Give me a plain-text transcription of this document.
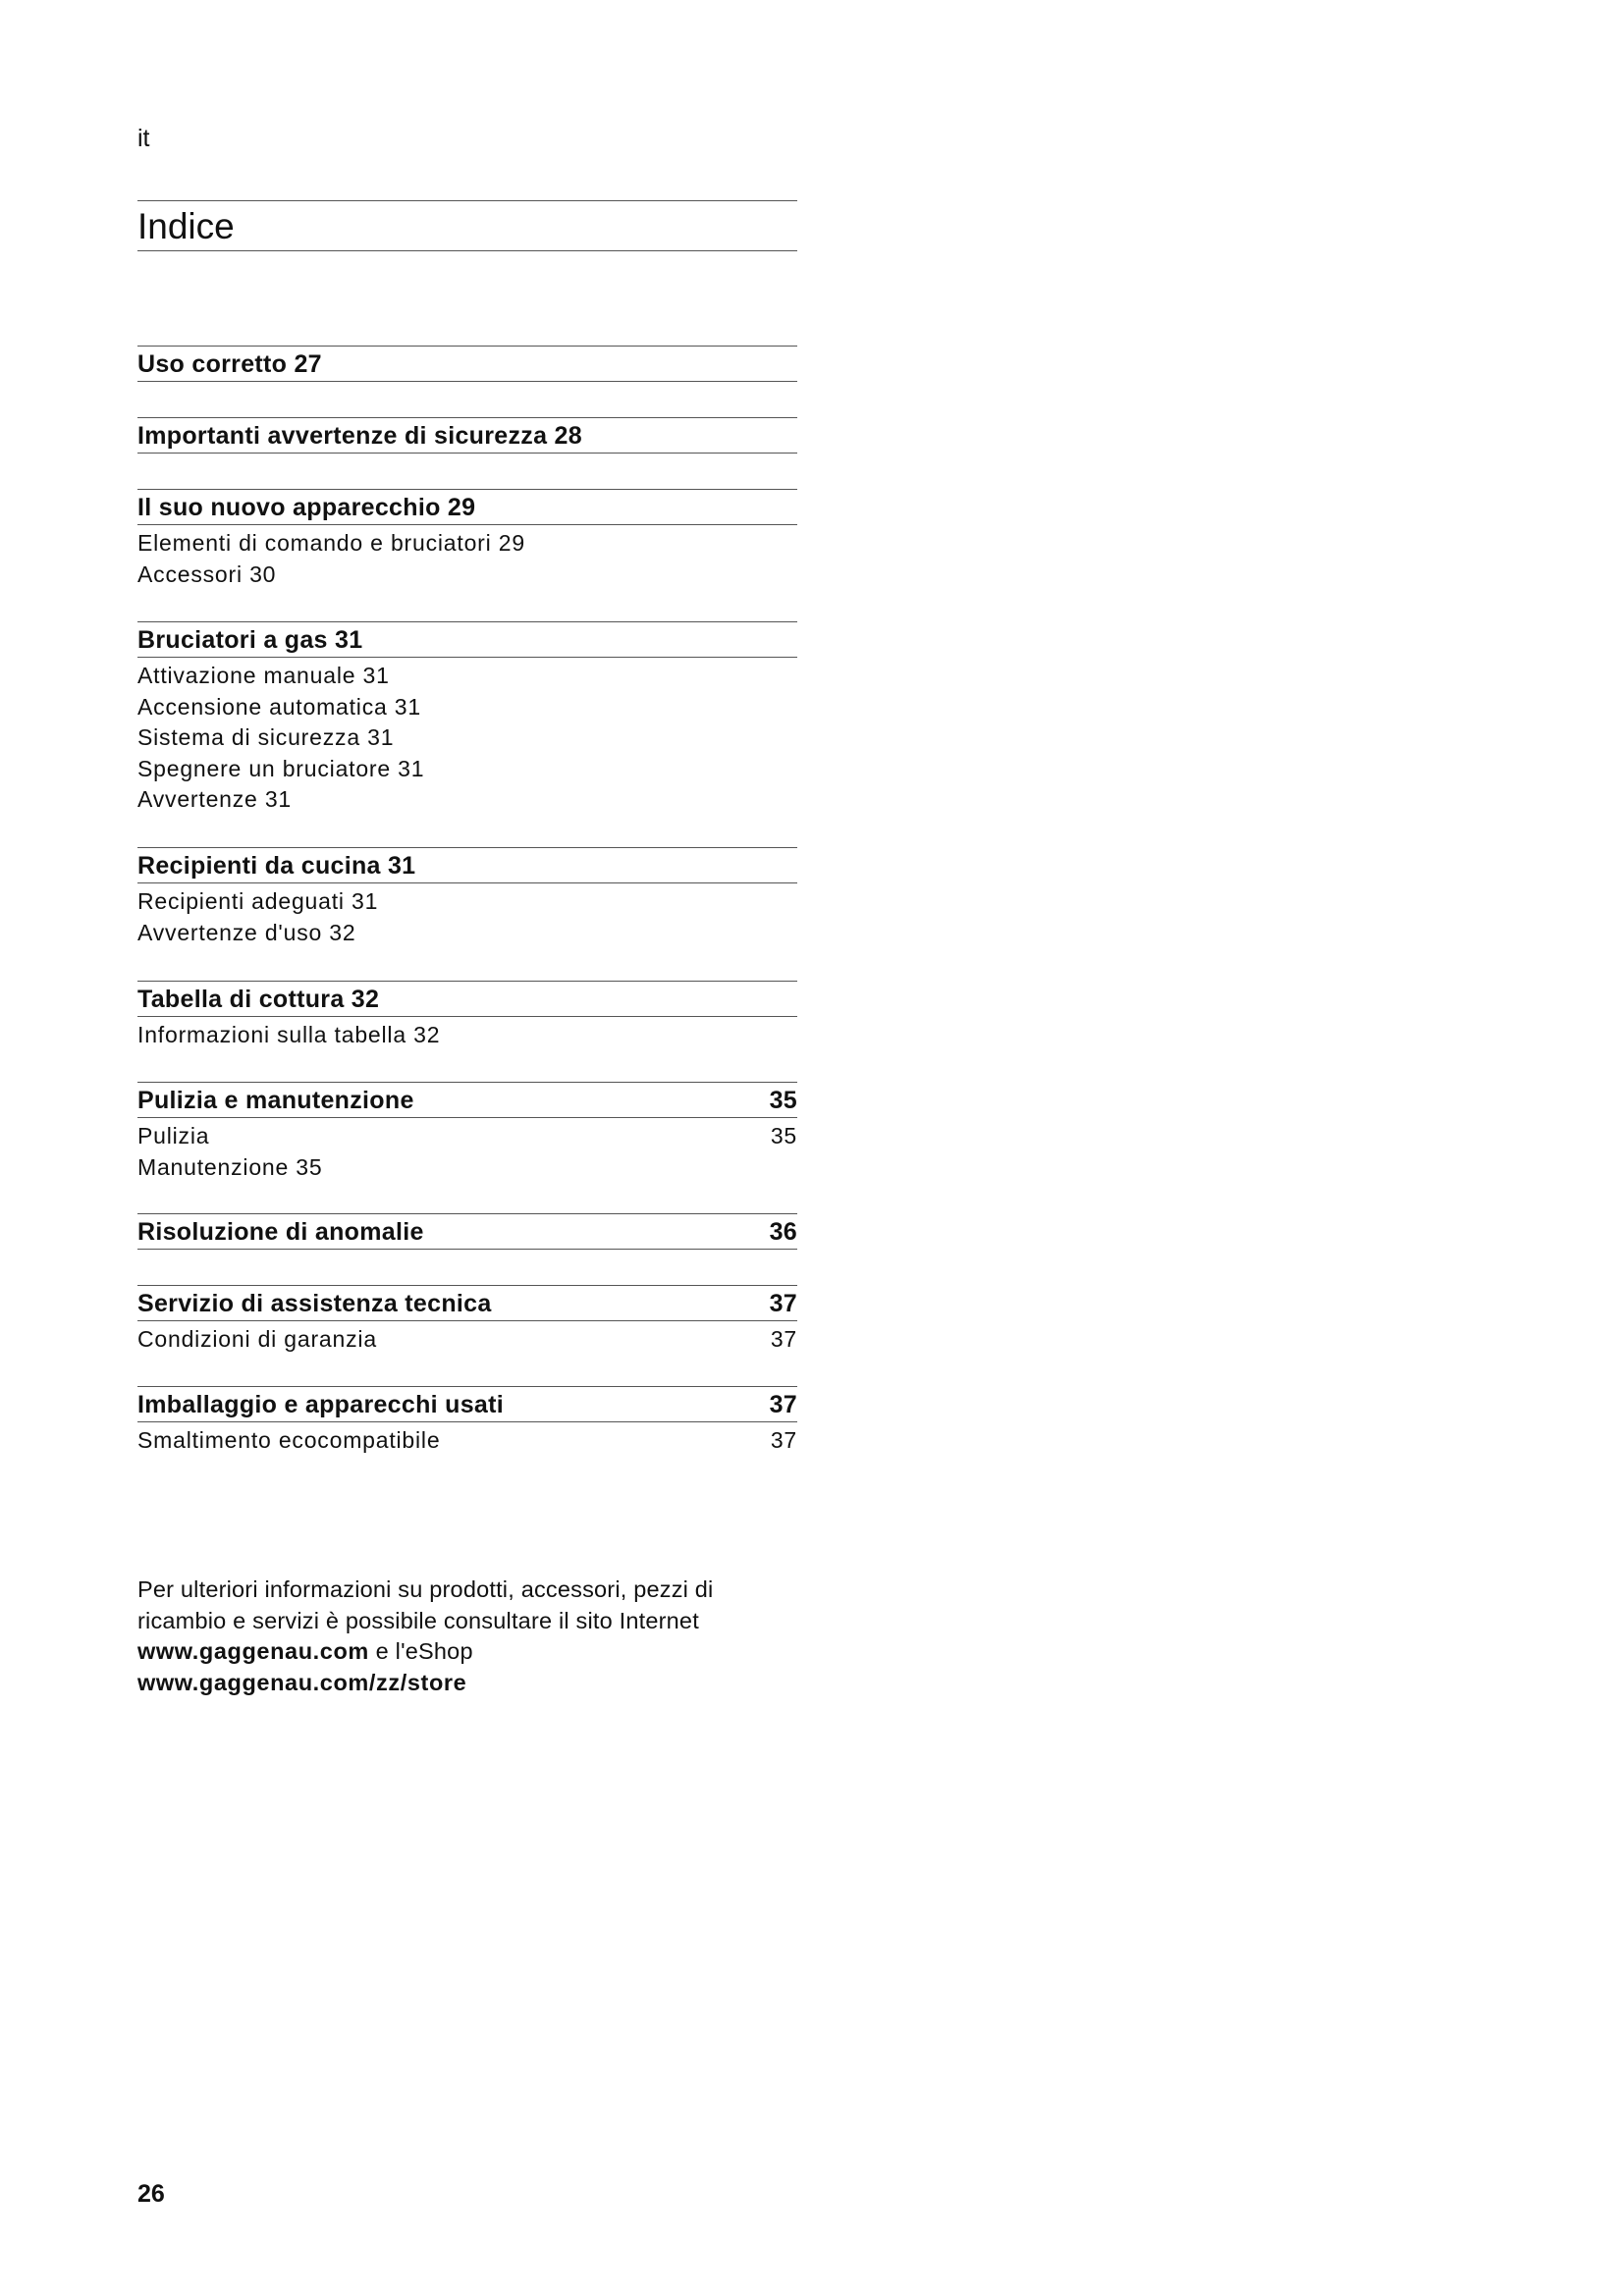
it
Indice
Uso corretto 27
Importanti avvertenze di sicurezza 28
Il suo nuovo apparecchio 29
Elementi di comando e bruciatori 29
Accessori 30
Bruciatori a gas 31
Attivazione manuale 31
Accensione automatica 31
Sistema di sicurezza 31
Spegnere un bruciatore 31
Avvertenze 31
Recipienti da cucina 31
Recipienti adeguati 31
Avvertenze d'uso 32
Tabella di cottura 32
Informazioni sulla tabella 32
Pulizia e manutenzione	35
Pulizia	35
Manutenzione 35
Risoluzione di anomalie	36
Servizio di assistenza tecnica	37
Condizioni di garanzia	37
Imballaggio e apparecchi usati	37
Smaltimento ecocompatibile	37
Per ulteriori informazioni su prodotti, accessori, pezzi di
ricambio e servizi è possibile consultare il sito Internet
www.gaggenau.com e l'eShop
www.gaggenau.com/zz/store
26
